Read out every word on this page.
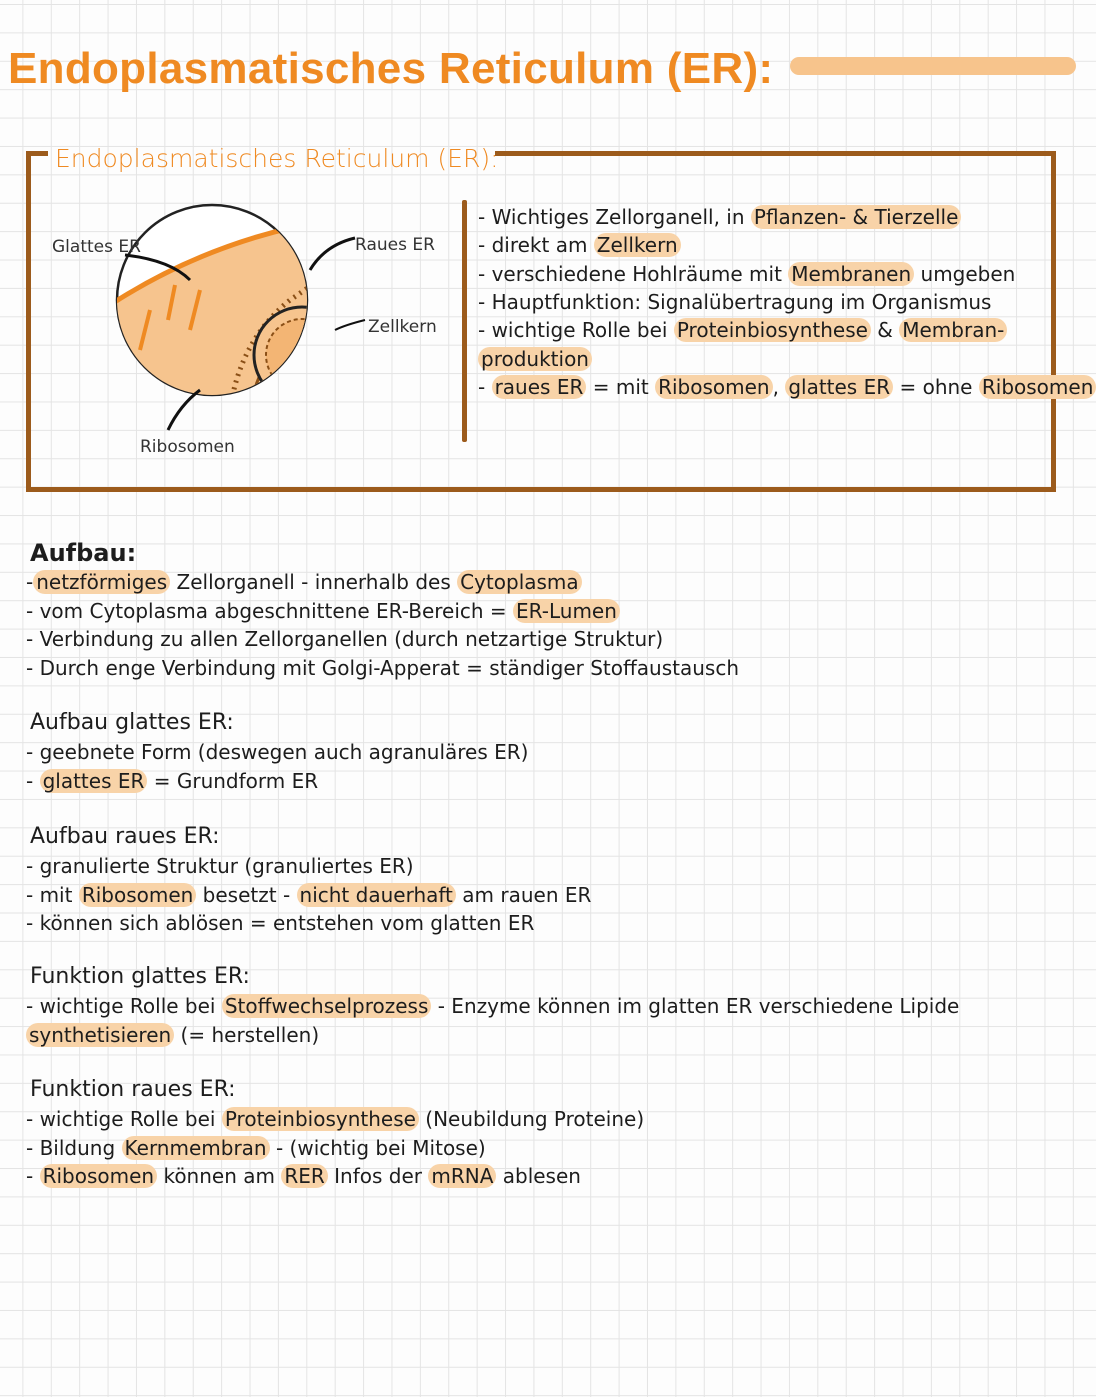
Endoplasmatisches Reticulum (ER):
Endoplasmatisches Reticulum (ER):
Glattes ER	Raues ER
Zellkern
Ribosomen
- Wichtiges Zellorganell, in Pflanzen- & Tierzelle
- direkt am Zellkern
- verschiedene Hohlräume mit Membranen umgeben
- Hauptfunktion: Signalübertragung im Organismus
- wichtige Rolle bei Proteinbiosynthese & Membran-
produktion
- raues ER = mit Ribosomen , glattes ER = ohne Ribosomen
Aufbau:
- netzförmiges Zellorganell - innerhalb des Cytoplasma
- vom Cytoplasma abgeschnittene ER-Bereich = ER-Lumen
- Verbindung zu allen Zellorganellen (durch netzartige Struktur)
- Durch enge Verbindung mit Golgi-Apperat = ständiger Stoffaustausch
Aufbau glattes ER:
- geebnete Form (deswegen auch agranuläres ER)
- glattes ER = Grundform ER
Aufbau raues ER:
- granulierte Struktur (granuliertes ER)
- mit Ribosomen besetzt - nicht dauerhaft am rauen ER
- können sich ablösen = entstehen vom glatten ER
Funktion glattes ER:
- wichtige Rolle bei Stoffwechselprozess - Enzyme können im glatten ER verschiedene Lipide
synthetisieren (= herstellen)
Funktion raues ER:
- wichtige Rolle bei Proteinbiosynthese (Neubildung Proteine)
- Bildung Kernmembran - (wichtig bei Mitose)
- Ribosomen können am RER Infos der mRNA ablesen
